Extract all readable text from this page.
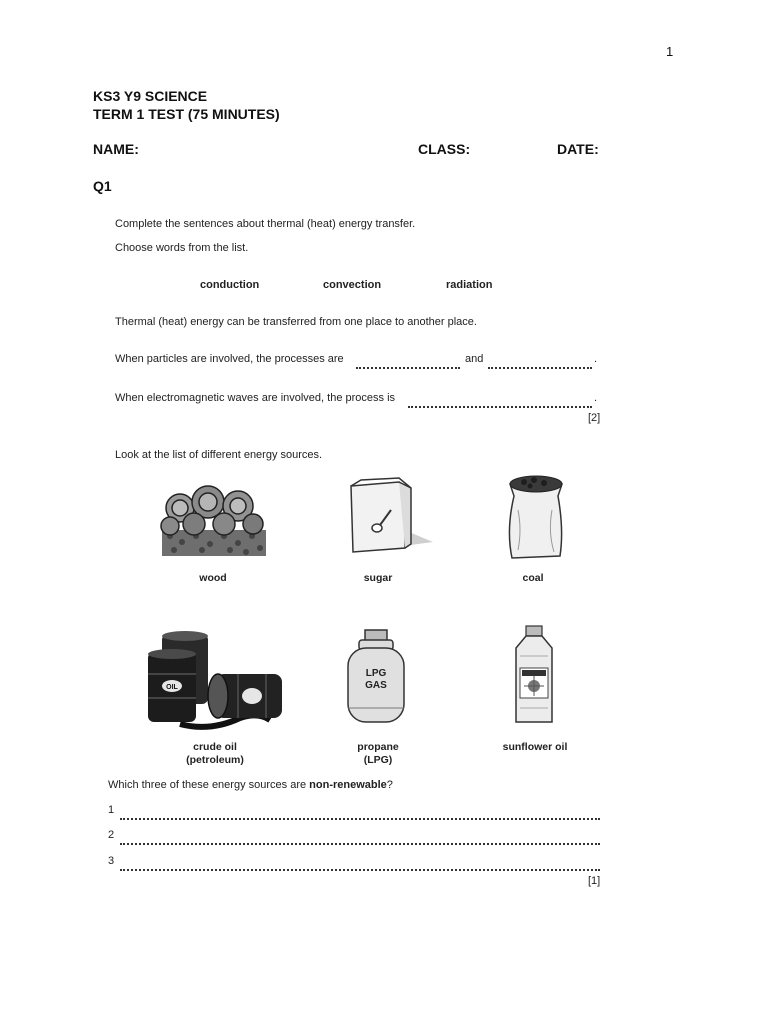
1
KS3 Y9 SCIENCE
TERM 1 TEST (75 MINUTES)
NAME:	CLASS:	DATE:
Q1
Complete the sentences about thermal (heat) energy transfer.
Choose words from the list.
conduction	convection	radiation
Thermal (heat) energy can be transferred from one place to another place.
When particles are involved, the processes are	and	.
When electromagnetic waves are involved, the process is	.
[2]
Look at the list of different energy sources.
wood	sugar	coal
OIL
crude oil
(petroleum)
LPG
GAS
propane
(LPG)
sunflower oil
Which three of these energy sources are non-renewable?
1
2
3
[1]
